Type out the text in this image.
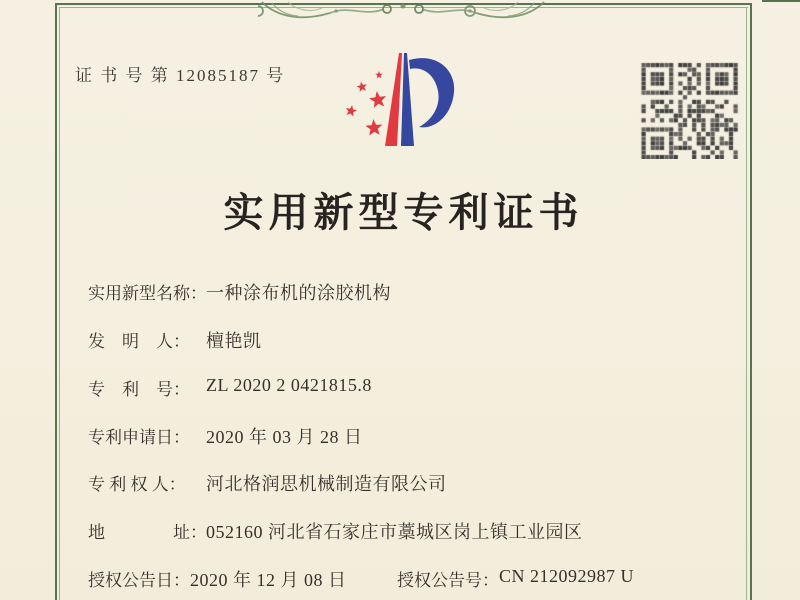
证 书 号 第 12085187 号
实用新型专利证书
实用新型名称： 一种涂布机的涂胶机构
发　明　人： 檀艳凯
专　利　号： ZL 2020 2 0421815.8
专利申请日： 2020 年 03 月 28 日
专 利 权 人：	河北格润思机械制造有限公司
地　　　　址： 052160 河北省石家庄市藁城区岗上镇工业园区
授权公告日： 2020 年 12 月 08 日	授权公告号： CN 212092987 U
